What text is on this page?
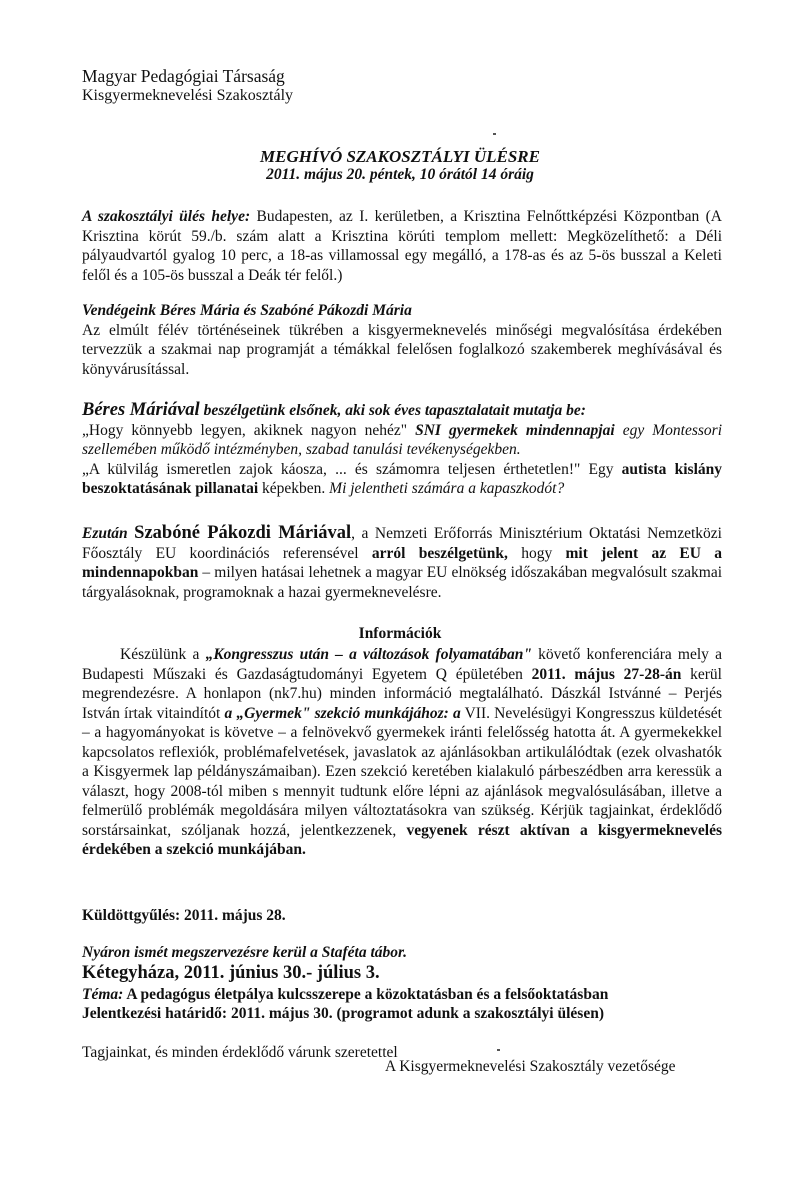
Magyar Pedagógiai Társaság
Kisgyermeknevelési Szakosztály
MEGHÍVÓ SZAKOSZTÁLYI ÜLÉSRE
2011. május 20. péntek, 10 órától 14 óráig
A szakosztályi ülés helye: Budapesten, az I. kerületben, a Krisztina Felnőttképzési Központban (A Krisztina körút 59./b. szám alatt a Krisztina körúti templom mellett: Megközelíthető: a Déli pályaudvartól gyalog 10 perc, a 18-as villamossal egy megálló, a 178-as és az 5-ös busszal a Keleti felől és a 105-ös busszal a Deák tér felől.)
Vendégeink Béres Mária és Szabóné Pákozdi Mária
Az elmúlt félév történéseinek tükrében a kisgyermeknevelés minőségi megvalósítása érdekében tervezzük a szakmai nap programját a témákkal felelősen foglalkozó szakemberek meghívásával és könyvárusítással.
Béres Máriával beszélgetünk elsőnek, aki sok éves tapasztalatait mutatja be:
„Hogy könnyebb legyen, akiknek nagyon nehéz" SNI gyermekek mindennapjai egy Montessori szellemében működő intézményben, szabad tanulási tevékenységekben.
„A külvilág ismeretlen zajok káosza, ... és számomra teljesen érthetetlen!" Egy autista kislány beszoktatásának pillanatai képekben. Mi jelentheti számára a kapaszkodót?
Ezután Szabóné Pákozdi Máriával, a Nemzeti Erőforrás Minisztérium Oktatási Nemzetközi Főosztály EU koordinációs referensével arról beszélgetünk, hogy mit jelent az EU a mindennapokban – milyen hatásai lehetnek a magyar EU elnökség időszakában megvalósult szakmai tárgyalásoknak, programoknak a hazai gyermeknevelésre.
Információk
Készülünk a „Kongresszus után – a változások folyamatában" követő konferenciára mely a Budapesti Műszaki és Gazdaságtudományi Egyetem Q épületében 2011. május 27-28-án kerül megrendezésre. A honlapon (nk7.hu) minden információ megtalálható. Dászkál Istvánné – Perjés István írtak vitaindítót a „Gyermek" szekció munkájához: a VII. Nevelésügyi Kongresszus küldetését – a hagyományokat is követve – a felnövekvő gyermekek iránti felelősség hatotta át. A gyermekekkel kapcsolatos reflexiók, problémafelvetések, javaslatok az ajánlásokban artikulálódtak (ezek olvashatók a Kisgyermek lap példányszámaiban). Ezen szekció keretében kialakuló párbeszédben arra keressük a választ, hogy 2008-tól miben s mennyit tudtunk előre lépni az ajánlások megvalósulásában, illetve a felmerülő problémák megoldására milyen változtatásokra van szükség. Kérjük tagjainkat, érdeklődő sorstársainkat, szóljanak hozzá, jelentkezzenek, vegyenek részt aktívan a kisgyermeknevelés érdekében a szekció munkájában.
Küldöttgyűlés: 2011. május 28.
Nyáron ismét megszervezésre kerül a Staféta tábor.
Kétegyháza, 2011. június 30.- július 3.
Téma: A pedagógus életpálya kulcsszerepe a közoktatásban és a felsőoktatásban
Jelentkezési határidő: 2011. május 30. (programot adunk a szakosztályi ülésen)
Tagjainkat, és minden érdeklődő várunk szeretettel
A Kisgyermeknevelési Szakosztály vezetősége
